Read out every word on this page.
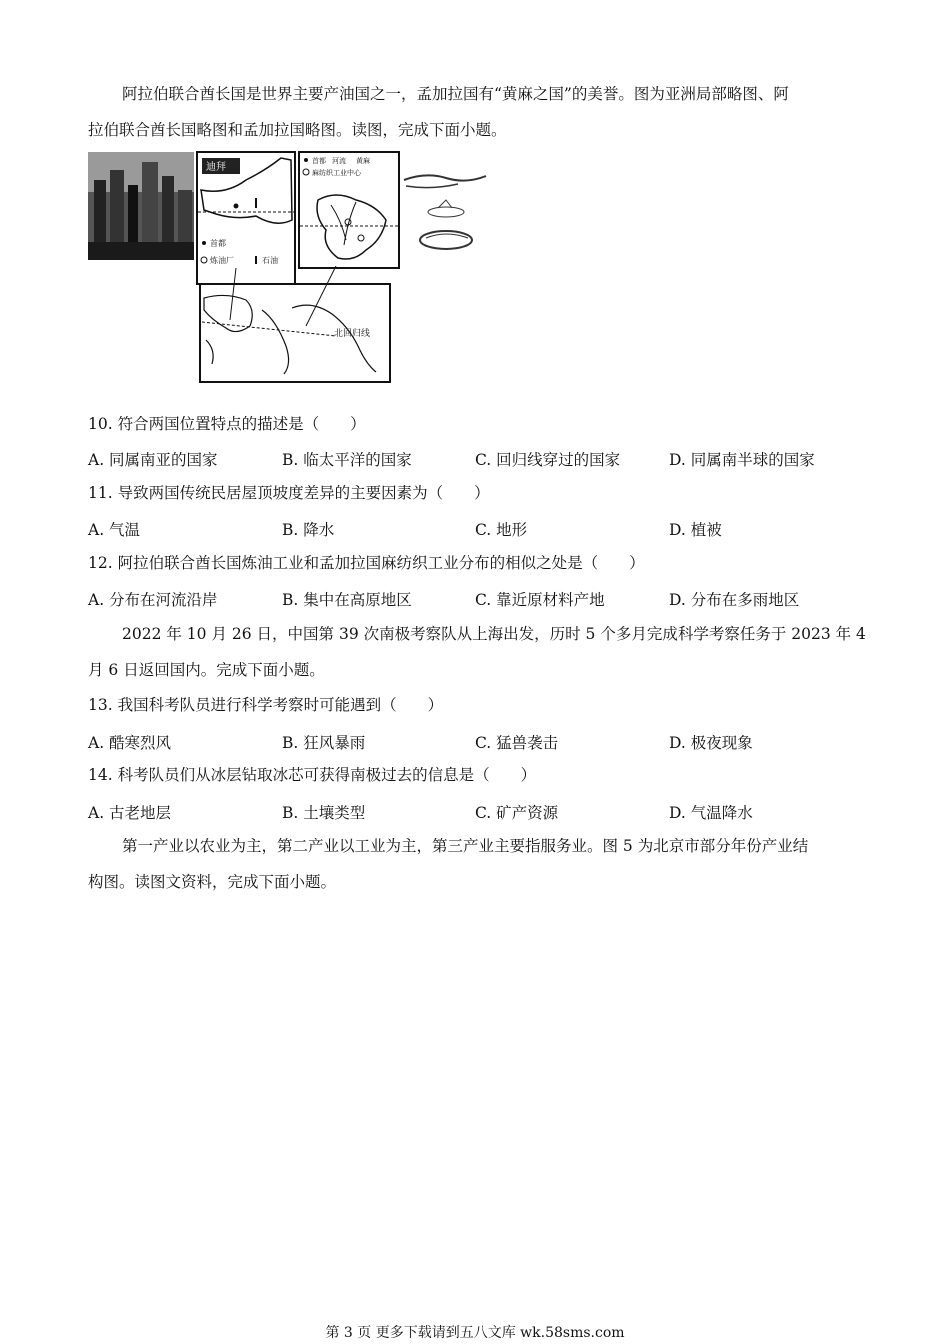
阿拉伯联合酋长国是世界主要产油国之一，孟加拉国有“黄麻之国”的美誉。图为亚洲局部略图、阿
拉伯联合酋长国略图和孟加拉国略图。读图，完成下面小题。
迪拜
首都
炼油厂	石油
首都 河流 黄麻
麻纺织工业中心
北回归线
10. 符合两国位置特点的描述是（　　）
A. 同属南亚的国家	B. 临太平洋的国家	C. 回归线穿过的国家	D. 同属南半球的国家
11. 导致两国传统民居屋顶坡度差异的主要因素为（　　）
A. 气温	B. 降水	C. 地形	D. 植被
12. 阿拉伯联合酋长国炼油工业和孟加拉国麻纺织工业分布的相似之处是（　　）
A. 分布在河流沿岸	B. 集中在高原地区	C. 靠近原材料产地	D. 分布在多雨地区
2022 年 10 月 26 日，中国第 39 次南极考察队从上海出发，历时 5 个多月完成科学考察任务于 2023 年 4
月 6 日返回国内。完成下面小题。
13. 我国科考队员进行科学考察时可能遇到（　　）
A. 酷寒烈风	B. 狂风暴雨	C. 猛兽袭击	D. 极夜现象
14. 科考队员们从冰层钻取冰芯可获得南极过去的信息是（　　）
A. 古老地层	B. 土壤类型	C. 矿产资源	D. 气温降水
第一产业以农业为主，第二产业以工业为主，第三产业主要指服务业。图 5 为北京市部分年份产业结
构图。读图文资料，完成下面小题。
第 3 页 更多下载请到五八文库 wk.58sms.com
